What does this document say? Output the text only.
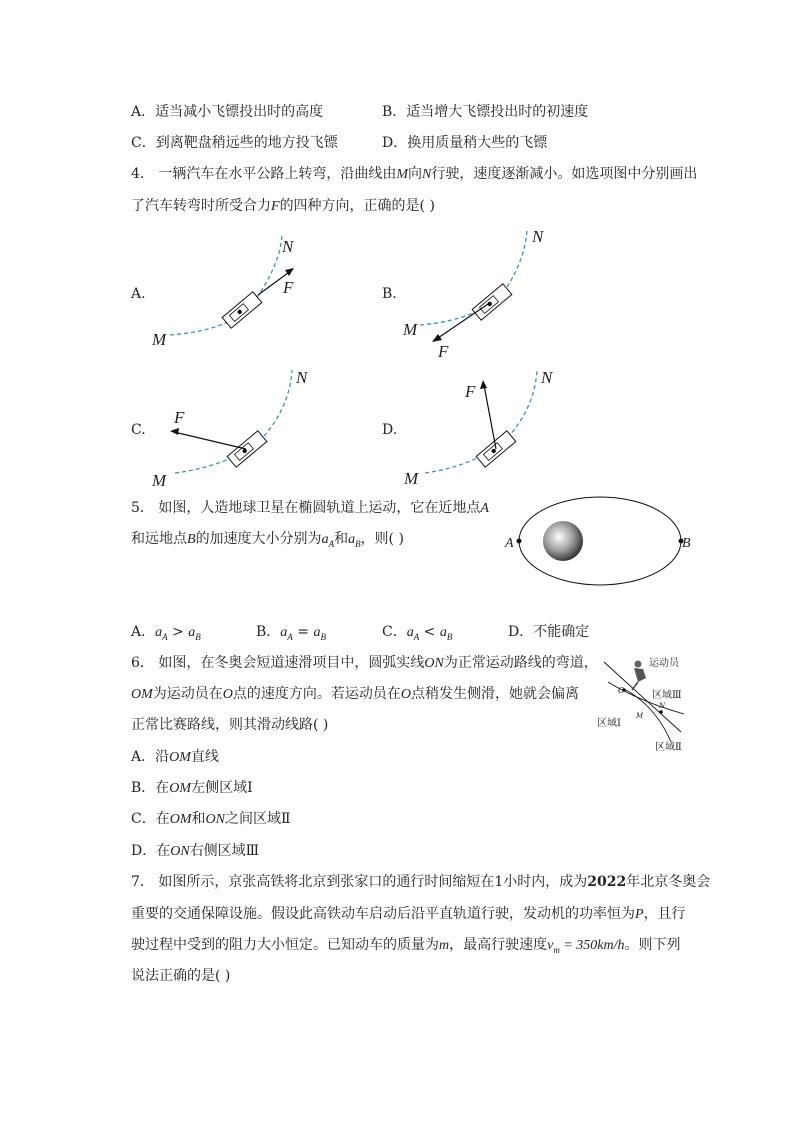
A．适当减小飞镖投出时的高度	B．适当增大飞镖投出时的初速度
C．到离靶盘稍远些的地方投飞镖	D．换用质量稍大些的飞镖
4． 一辆汽车在水平公路上转弯，沿曲线由M向N行驶，速度逐渐减小。如选项图中分别画出
了汽车转弯时所受合力F的四种方向，正确的是( )
A.
N
F
M
B.
N
M
F
C.
N
F
M
D.
N
F
M
5． 如图，人造地球卫星在椭圆轨道上运动，它在近地点A
和远地点B的加速度大小分别为$a_A$和$a_B$，则( )	A	B
A．$a_A > a_B$	B．$a_A = a_B$	C．$a_A < a_B$	D．不能确定
6． 如图，在冬奥会短道速滑项目中，圆弧实线ON为正常运动路线的弯道，
OM为运动员在O点的速度方向。若运动员在O点稍发生侧滑，她就会偏离
正常比赛路线，则其滑动线路( )
运动员
区域Ⅲ
区域Ⅰ
区域Ⅱ
O
M
N
A．沿OM直线
B．在OM左侧区域Ⅰ
C．在OM和ON之间区域Ⅱ
D．在ON右侧区域Ⅲ
7． 如图所示，京张高铁将北京到张家口的通行时间缩短在1小时内，成为2022年北京冬奥会
重要的交通保障设施。假设此高铁动车启动后沿平直轨道行驶，发动机的功率恒为P，且行
驶过程中受到的阻力大小恒定。已知动车的质量为m，最高行驶速度$v_m = 350km/h$。则下列
说法正确的是( )
